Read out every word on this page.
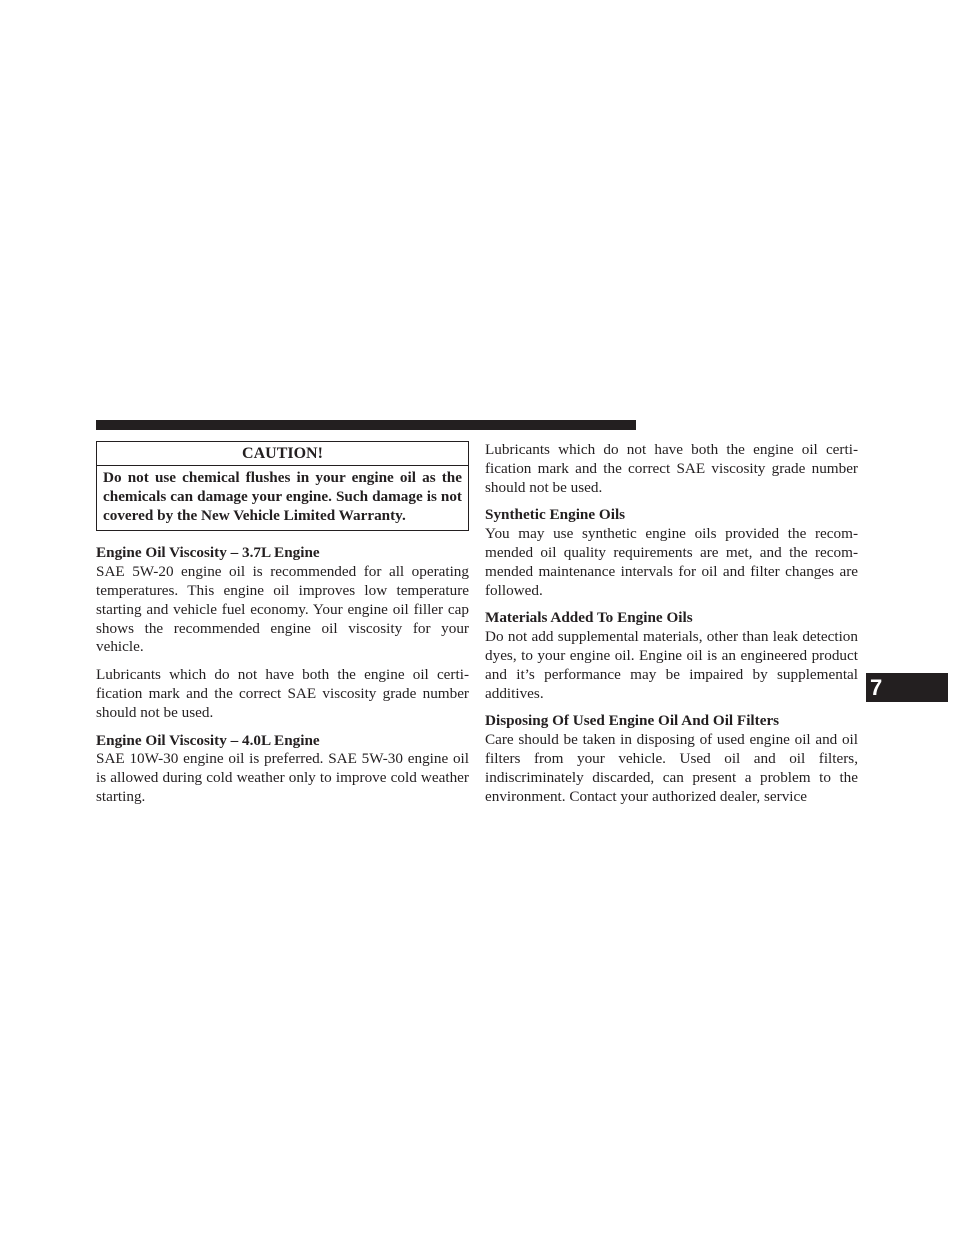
CAUTION!
Do not use chemical flushes in your engine oil as the chemicals can damage your engine. Such damage is not covered by the New Vehicle Limited Warranty.
Engine Oil Viscosity – 3.7L Engine

SAE 5W-20 engine oil is recommended for all operating temperatures. This engine oil improves low temperature starting and vehicle fuel economy. Your engine oil filler cap shows the recommended engine oil viscosity for your vehicle.

Lubricants which do not have both the engine oil certification mark and the correct SAE viscosity grade number should not be used.

Engine Oil Viscosity – 4.0L Engine

SAE 10W-30 engine oil is preferred. SAE 5W-30 engine oil is allowed during cold weather only to improve cold weather starting.

Lubricants which do not have both the engine oil certification mark and the correct SAE viscosity grade number should not be used.

Synthetic Engine Oils

You may use synthetic engine oils provided the recommended oil quality requirements are met, and the recommended maintenance intervals for oil and filter changes are followed.

Materials Added To Engine Oils

Do not add supplemental materials, other than leak detection dyes, to your engine oil. Engine oil is an engineered product and it’s performance may be impaired by supplemental additives.

Disposing Of Used Engine Oil And Oil Filters

Care should be taken in disposing of used engine oil and oil filters from your vehicle. Used oil and oil filters, indiscriminately discarded, can present a problem to the environment. Contact your authorized dealer, service

7
